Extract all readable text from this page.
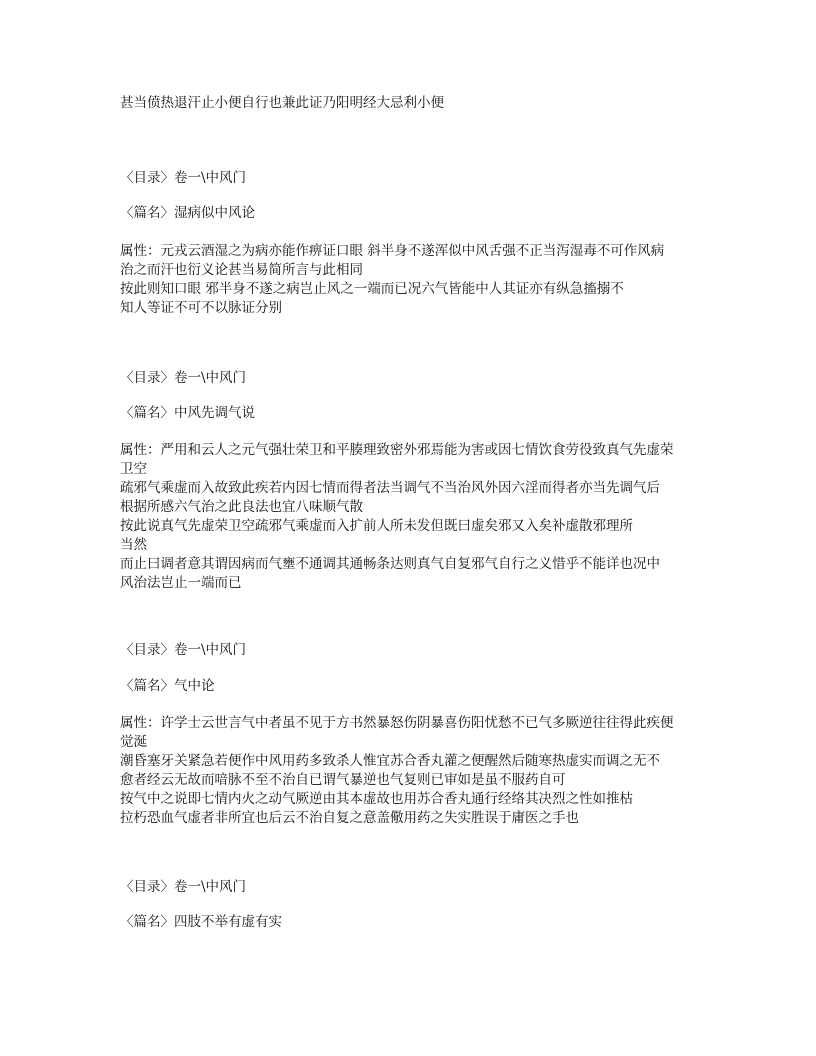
甚当偾热退汗止小便自行也兼此证乃阳明经大忌利小便
〈目录〉卷一\中风门
〈篇名〉湿病似中风论
属性：元戎云酒湿之为病亦能作痹证口眼 斜半身不遂浑似中风舌强不正当泻湿毒不可作风病
治之而汗也衍义论甚当易简所言与此相同
按此则知口眼 邪半身不遂之病岂止风之一端而已况六气皆能中人其证亦有纵急搐搦不
知人等证不可不以脉证分别
〈目录〉卷一\中风门
〈篇名〉中风先调气说
属性：严用和云人之元气强壮荣卫和平腠理致密外邪焉能为害或因七情饮食劳役致真气先虚荣
卫空
疏邪气乘虚而入故致此疾若内因七情而得者法当调气不当治风外因六淫而得者亦当先调气后
根据所感六气治之此良法也宜八味顺气散
按此说真气先虚荣卫空疏邪气乘虚而入扩前人所未发但既曰虚矣邪又入矣补虚散邪理所
当然
而止曰调者意其谓因病而气壅不通调其通畅条达则真气自复邪气自行之义惜乎不能详也况中
风治法岂止一端而已
〈目录〉卷一\中风门
〈篇名〉气中论
属性：许学士云世言气中者虽不见于方书然暴怒伤阴暴喜伤阳忧愁不已气多厥逆往往得此疾便
觉涎
潮昏塞牙关紧急若便作中风用药多致杀人惟宜苏合香丸灌之便醒然后随寒热虚实而调之无不
愈者经云无故而喑脉不至不治自已谓气暴逆也气复则已审如是虽不服药自可
按气中之说即七情内火之动气厥逆由其本虚故也用苏合香丸通行经络其决烈之性如推枯
拉朽恐血气虚者非所宜也后云不治自复之意盖儆用药之失实胜误于庸医之手也
〈目录〉卷一\中风门
〈篇名〉四肢不举有虚有实
